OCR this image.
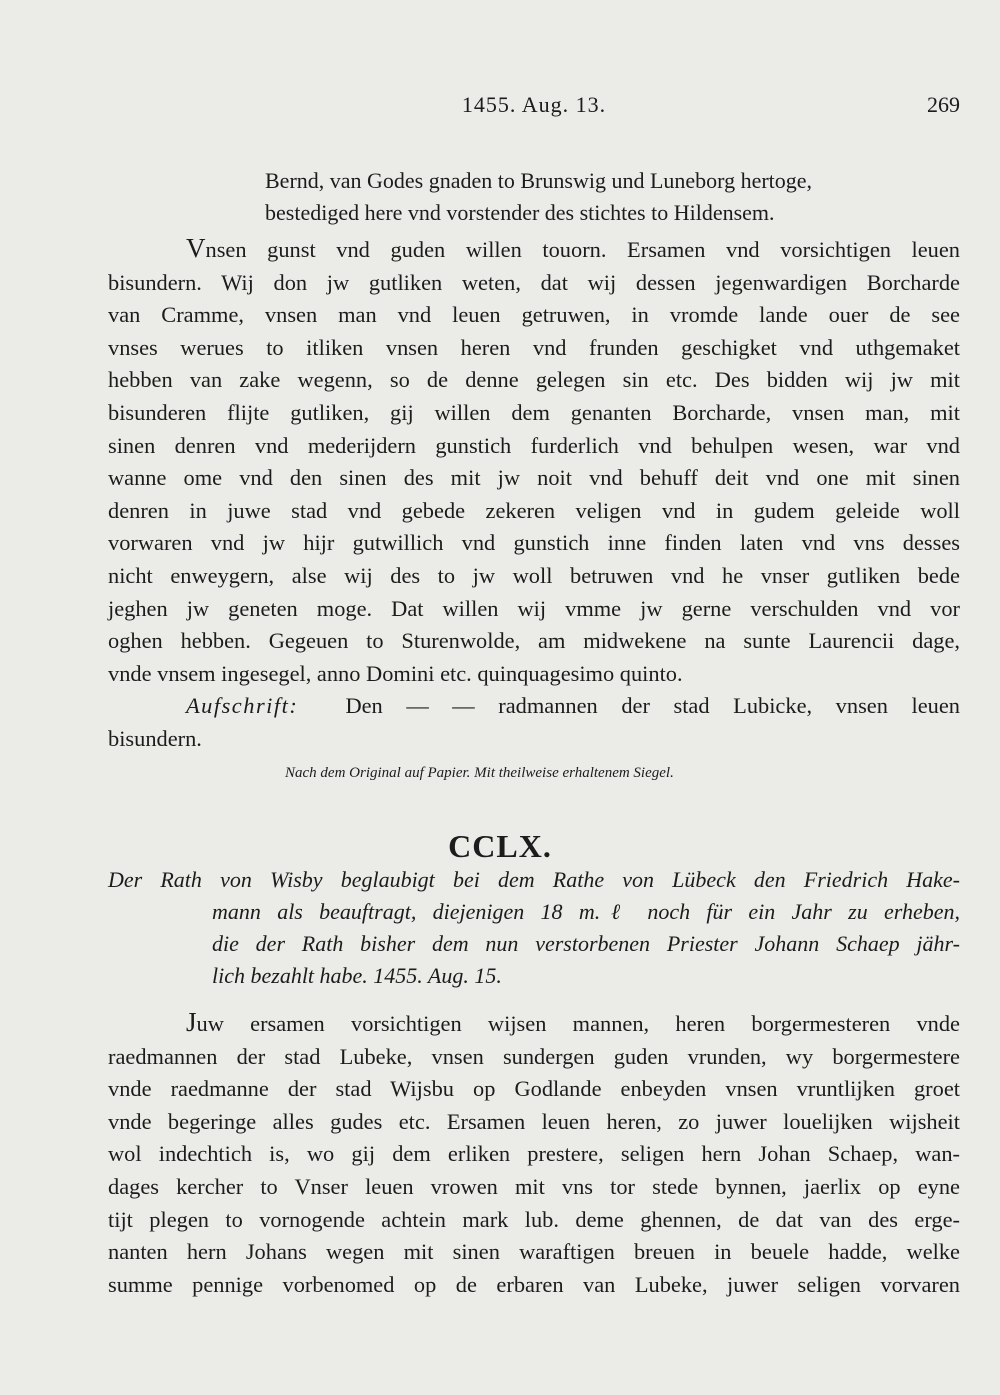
1455. Aug. 13.	269
Bernd, van Godes gnaden to Brunswig und Luneborg hertoge,
bestediged here vnd vorstender des stichtes to Hildensem.
Vnsen gunst vnd guden willen touorn. Ersamen vnd vorsichtigen leuen
bisundern. Wij don jw gutliken weten, dat wij dessen jegenwardigen Borcharde
van Cramme, vnsen man vnd leuen getruwen, in vromde lande ouer de see
vnses werues to itliken vnsen heren vnd frunden geschigket vnd uthgemaket
hebben van zake wegenn, so de denne gelegen sin etc. Des bidden wij jw mit
bisunderen flijte gutliken, gij willen dem genanten Borcharde, vnsen man, mit
sinen denren vnd mederijdern gunstich furderlich vnd behulpen wesen, war vnd
wanne ome vnd den sinen des mit jw noit vnd behuff deit vnd one mit sinen
denren in juwe stad vnd gebede zekeren veligen vnd in gudem geleide woll
vorwaren vnd jw hijr gutwillich vnd gunstich inne finden laten vnd vns desses
nicht enweygern, alse wij des to jw woll betruwen vnd he vnser gutliken bede
jeghen jw geneten moge. Dat willen wij vmme jw gerne verschulden vnd vor
oghen hebben. Gegeuen to Sturenwolde, am midwekene na sunte Laurencii dage,
vnde vnsem ingesegel, anno Domini etc. quinquagesimo quinto.
Aufschrift: Den — — radmannen der stad Lubicke, vnsen leuen
bisundern.
Nach dem Original auf Papier. Mit theilweise erhaltenem Siegel.
CCLX.
Der Rath von Wisby beglaubigt bei dem Rathe von Lübeck den Friedrich Hake-
mann als beauftragt, diejenigen 18 m.ℓ noch für ein Jahr zu erheben,
die der Rath bisher dem nun verstorbenen Priester Johann Schaep jähr-
lich bezahlt habe. 1455. Aug. 15.
Juw ersamen vorsichtigen wijsen mannen, heren borgermesteren vnde
raedmannen der stad Lubeke, vnsen sundergen guden vrunden, wy borgermestere
vnde raedmanne der stad Wijsbu op Godlande enbeyden vnsen vruntlijken groet
vnde begeringe alles gudes etc. Ersamen leuen heren, zo juwer louelijken wijsheit
wol indechtich is, wo gij dem erliken prestere, seligen hern Johan Schaep, wan-
dages kercher to Vnser leuen vrowen mit vns tor stede bynnen, jaerlix op eyne
tijt plegen to vornogende achtein mark lub. deme ghennen, de dat van des erge-
nanten hern Johans wegen mit sinen waraftigen breuen in beuele hadde, welke
summe pennige vorbenomed op de erbaren van Lubeke, juwer seligen vorvaren
